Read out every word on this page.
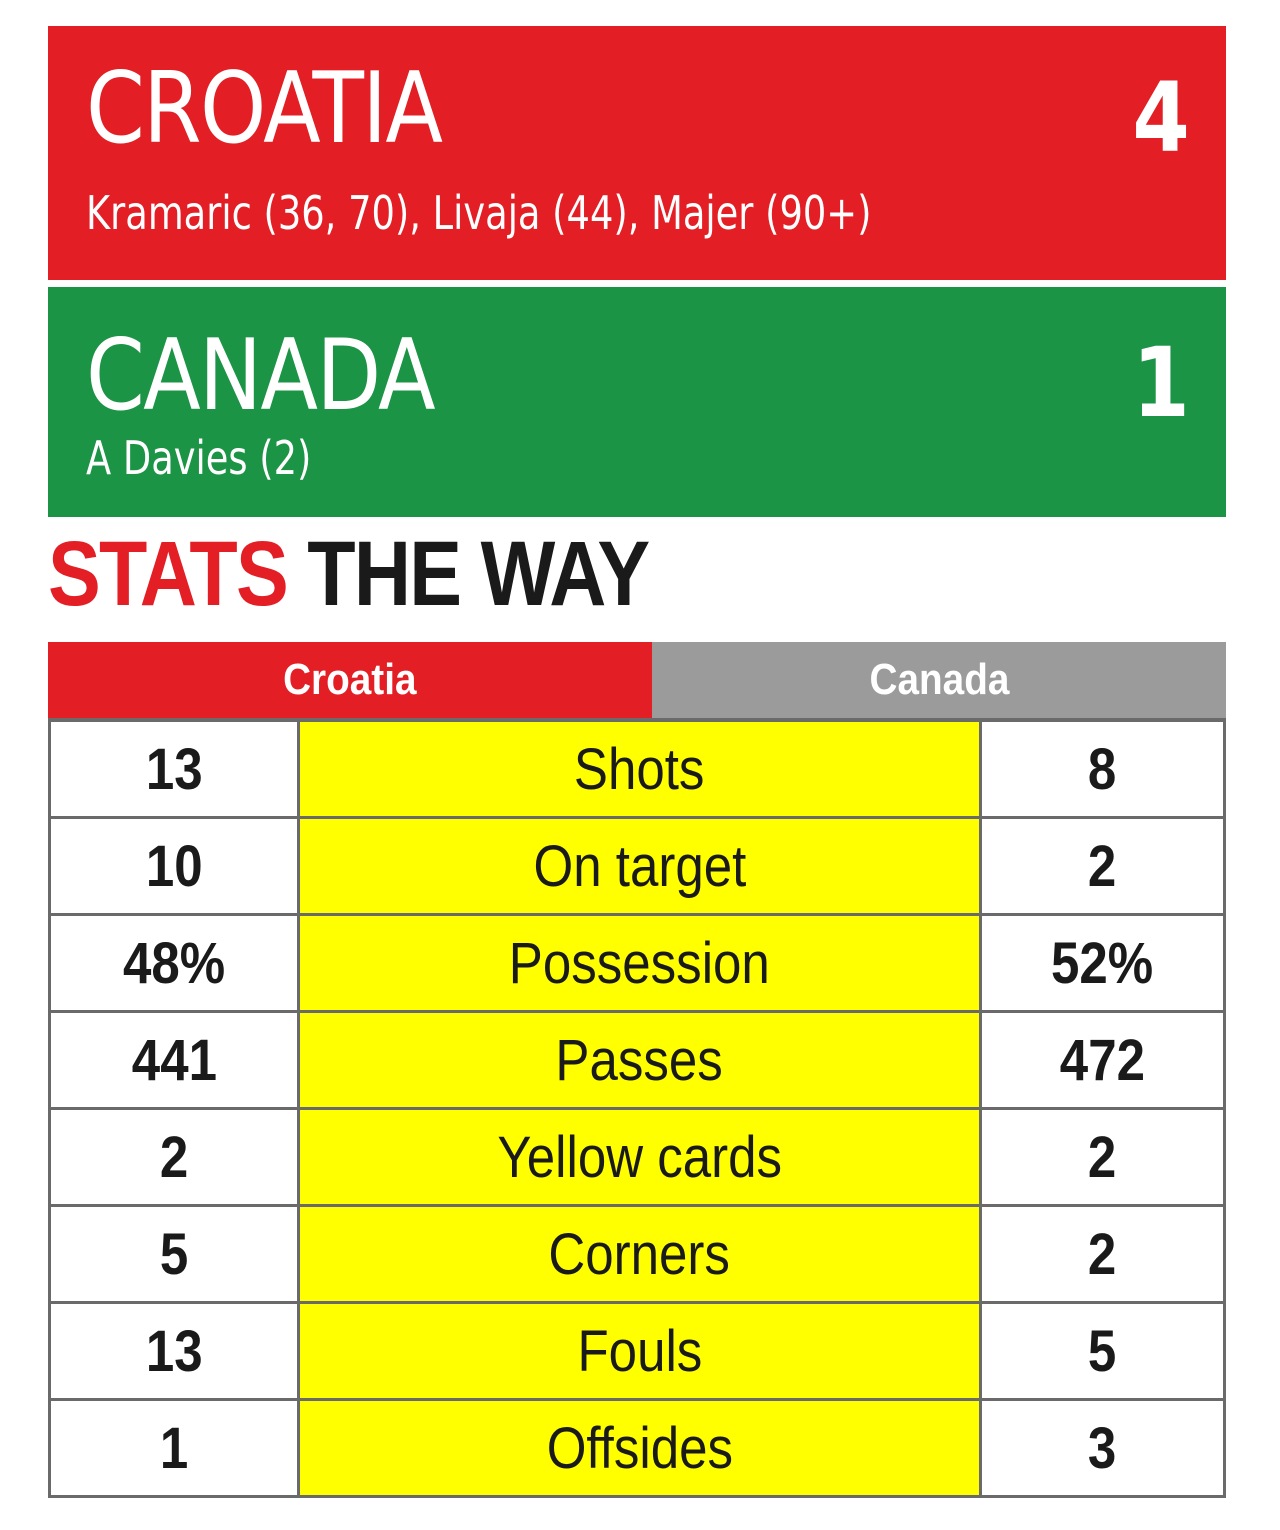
CROATIA	4
Kramaric (36, 70), Livaja (44), Majer (90+)
CANADA	1
A Davies (2)
STATS THE WAY
Croatia	Canada
13	Shots	8
10	On target	2
48%	Possession	52%
441	Passes	472
2	Yellow cards	2
5	Corners	2
13	Fouls	5
1	Offsides	3
